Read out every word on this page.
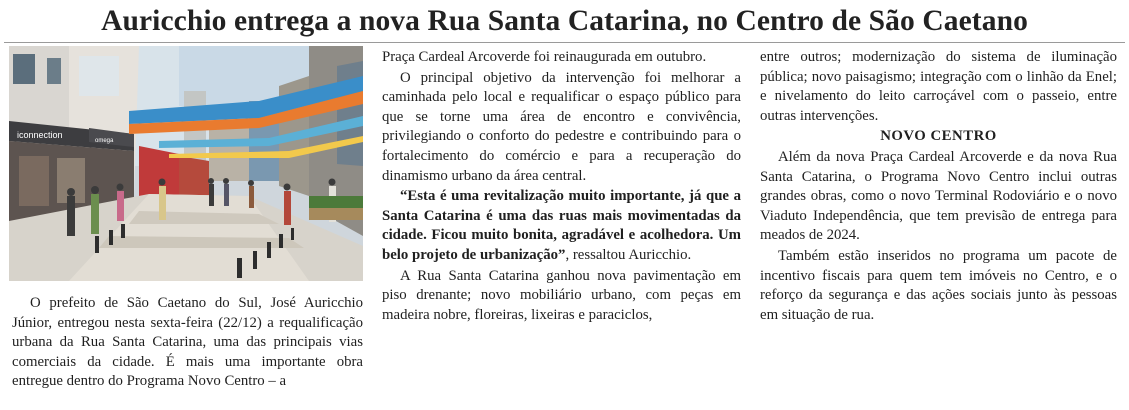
Auricchio entrega a nova Rua Santa Catarina, no Centro de São Caetano
iconnection
omega

O prefeito de São Caetano do Sul, José Auricchio Júnior, entregou nesta sexta-feira (22/12) a requalificação urbana da Rua Santa Catarina, uma das principais vias comerciais da cidade. É mais uma importante obra entregue dentro do Programa Novo Centro – a

Praça Cardeal Arcoverde foi reinaugurada em outubro.

O principal objetivo da intervenção foi melhorar a caminhada pelo local e requalificar o espaço público para que se torne uma área de encontro e convivência, privilegiando o conforto do pedestre e contribuindo para o fortalecimento do comércio e para a recuperação do dinamismo urbano da área central.

“Esta é uma revitalização muito importante, já que a Santa Catarina é uma das ruas mais movimentadas da cidade. Ficou muito bonita, agradável e acolhedora. Um belo projeto de urbanização”, ressaltou Auricchio.

A Rua Santa Catarina ganhou nova pavimentação em piso drenante; novo mobiliário urbano, com peças em madeira nobre, floreiras, lixeiras e paraciclos,

entre outros; modernização do sistema de iluminação pública; novo paisagismo; integração com o linhão da Enel; e nivelamento do leito carroçável com o passeio, entre outras intervenções.

NOVO CENTRO

Além da nova Praça Cardeal Arcoverde e da nova Rua Santa Catarina, o Programa Novo Centro inclui outras grandes obras, como o novo Terminal Rodoviário e o novo Viaduto Independência, que tem previsão de entrega para meados de 2024.

Também estão inseridos no programa um pacote de incentivo fiscais para quem tem imóveis no Centro, e o reforço da segurança e das ações sociais junto às pessoas em situação de rua.
